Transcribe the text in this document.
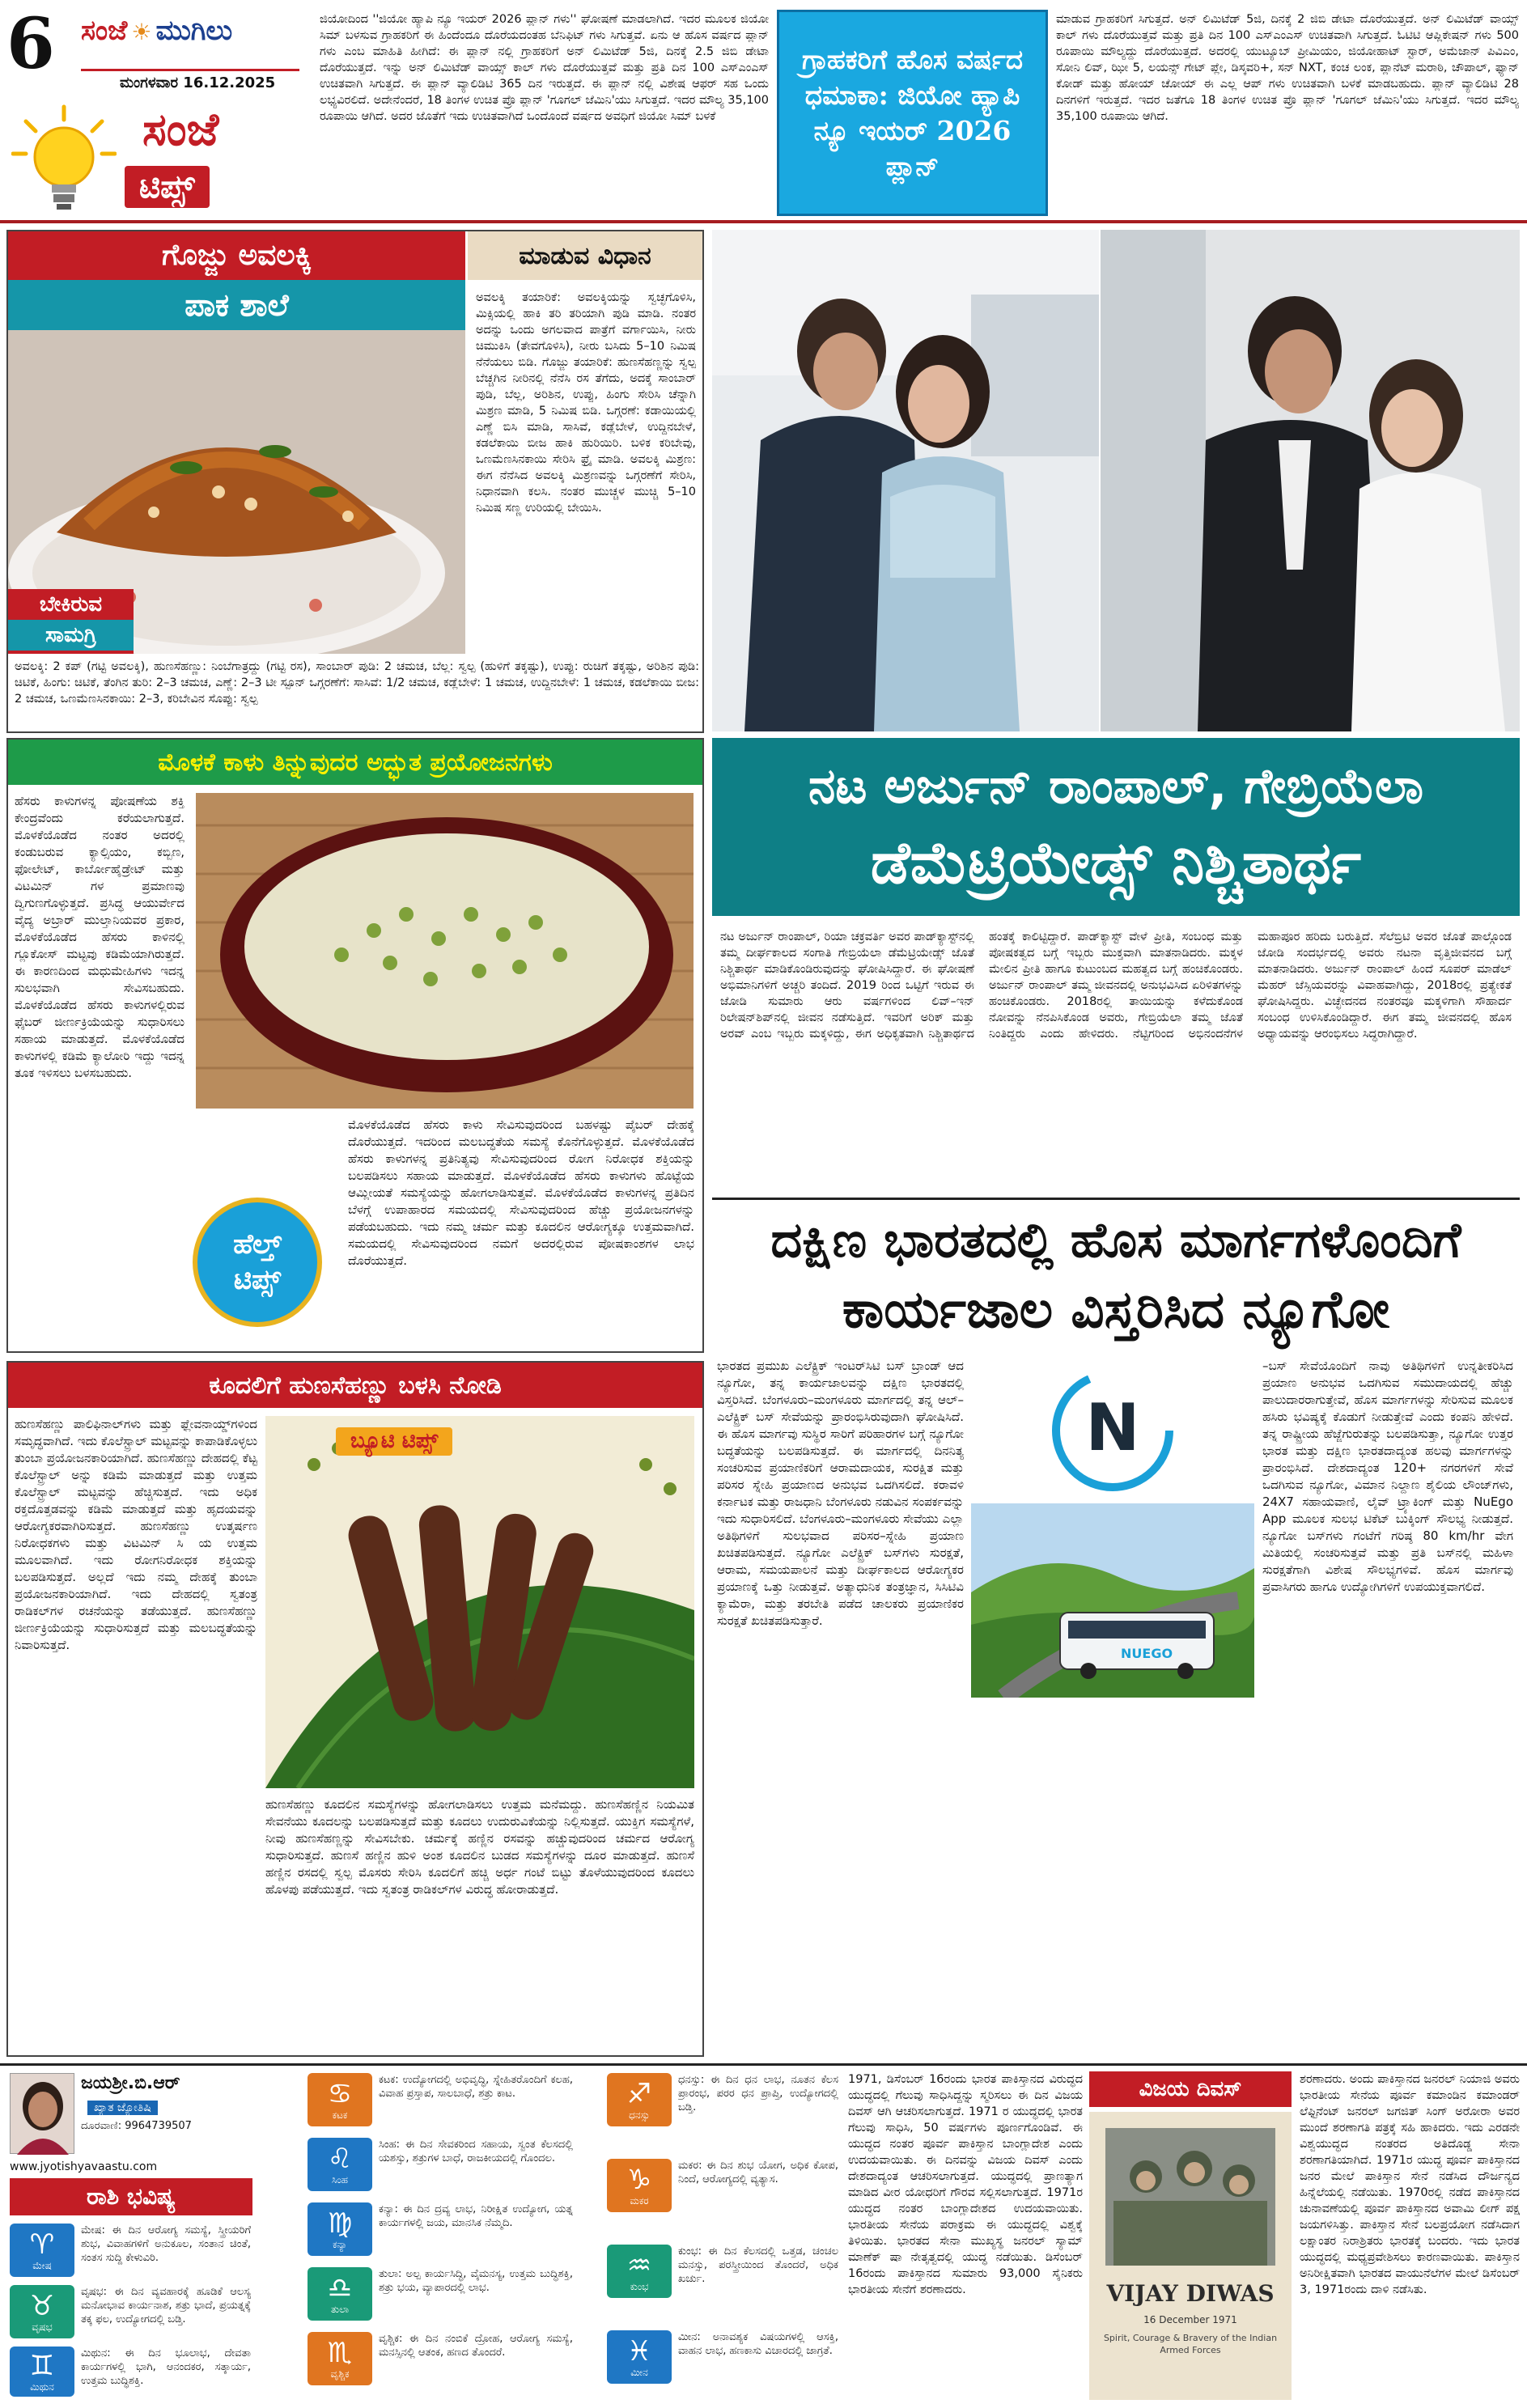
6 ಸಂಜೆ ☀ ಮುಗಿಲು
ಮಂಗಳವಾರ 16.12.2025
ಸಂಜೆ
ಟಿಪ್ಸ್
ಜಿಯೋದಿಂದ ''ಜಿಯೋ ಹ್ಯಾಪಿ ನ್ಯೂ ಇಯರ್ 2026 ಪ್ಲಾನ್ ಗಳು'' ಘೋಷಣೆ ಮಾಡಲಾಗಿದೆ. ಇದರ ಮೂಲಕ ಜಿಯೋ ಸಿಮ್ ಬಳಸುವ ಗ್ರಾಹಕರಿಗೆ ಈ ಹಿಂದೆಂದೂ ದೊರೆಯದಂತಹ ಬೆನಿಫಿಟ್ ಗಳು ಸಿಗುತ್ತವೆ. ಏನು ಆ ಹೊಸ ವರ್ಷದ ಪ್ಲಾನ್ ಗಳು ಎಂಬ ಮಾಹಿತಿ ಹೀಗಿದೆ: ಈ ಪ್ಲಾನ್ ನಲ್ಲಿ ಗ್ರಾಹಕರಿಗೆ ಅನ್ ಲಿಮಿಟೆಡ್ 5ಜಿ, ದಿನಕ್ಕೆ 2.5 ಜಿಬಿ ಡೇಟಾ ದೊರೆಯುತ್ತದೆ. ಇನ್ನು ಅನ್ ಲಿಮಿಟೆಡ್ ವಾಯ್ಸ್ ಕಾಲ್ ಗಳು ದೊರೆಯುತ್ತವೆ ಮತ್ತು ಪ್ರತಿ ದಿನ 100 ಎಸ್ಎಂಎಸ್ ಉಚಿತವಾಗಿ ಸಿಗುತ್ತದೆ. ಈ ಪ್ಲಾನ್ ವ್ಯಾಲಿಡಿಟಿ 365 ದಿನ ಇರುತ್ತದೆ. ಈ ಪ್ಲಾನ್ ನಲ್ಲಿ ವಿಶೇಷ ಆಫರ್ ಸಹ ಒಂದು ಲಭ್ಯವಿರಲಿದೆ. ಅದೇನೆಂದರೆ, 18 ತಿಂಗಳ ಉಚಿತ ಪ್ರೊ ಪ್ಲಾನ್ 'ಗೂಗಲ್ ಜೆಮಿನಿ'ಯು ಸಿಗುತ್ತದೆ. ಇದರ ಮೌಲ್ಯ 35,100 ರೂಪಾಯಿ ಆಗಿದೆ. ಅದರ ಜೊತೆಗೆ ಇದು ಉಚಿತವಾಗಿದೆ ಒಂದೊಂದೆ ವರ್ಷದ ಅವಧಿಗೆ ಜಿಯೋ ಸಿಮ್ ಬಳಕೆ
ಗ್ರಾಹಕರಿಗೆ ಹೊಸ ವರ್ಷದ ಧಮಾಕಾ: ಜಿಯೋ ಹ್ಯಾಪಿ ನ್ಯೂ ಇಯರ್ 2026 ಪ್ಲಾನ್
ಮಾಡುವ ಗ್ರಾಹಕರಿಗೆ ಸಿಗುತ್ತದೆ. ಅನ್ ಲಿಮಿಟೆಡ್ 5ಜಿ, ದಿನಕ್ಕೆ 2 ಜಿಬಿ ಡೇಟಾ ದೊರೆಯುತ್ತದೆ. ಅನ್ ಲಿಮಿಟೆಡ್ ವಾಯ್ಸ್ ಕಾಲ್ ಗಳು ದೊರೆಯುತ್ತವೆ ಮತ್ತು ಪ್ರತಿ ದಿನ 100 ಎಸ್ಎಂಎಸ್ ಉಚಿತವಾಗಿ ಸಿಗುತ್ತದೆ. ಓಟಿಟಿ ಆಪ್ಲಿಕೇಷನ್ ಗಳು 500 ರೂಪಾಯಿ ಮೌಲ್ಯದ್ದು ದೊರೆಯುತ್ತದೆ. ಅದರಲ್ಲಿ ಯುಟ್ಯೂಬ್ ಪ್ರೀಮಿಯಂ, ಜಿಯೋಹಾಟ್ ಸ್ಟಾರ್, ಅಮೆಜಾನ್ ಪಿವಿಎಂ, ಸೋನಿ ಲಿವ್, ಝೀ 5, ಲಯನ್ಸ್ ಗೇಟ್ ಪ್ಲೇ, ಡಿಸ್ಕವರಿ+, ಸನ್ NXT, ಕಂಚ ಲಂಕ, ಪ್ಲಾನೆಟ್ ಮರಾಠಿ, ಚೌಪಾಲ್, ಫ್ಯಾನ್ ಕೋಡ್ ಮತ್ತು ಹೋಯ್ ಚೋಯ್ ಈ ಎಲ್ಲ ಆಪ್ ಗಳು ಉಚಿತವಾಗಿ ಬಳಕೆ ಮಾಡಬಹುದು. ಪ್ಲಾನ್ ವ್ಯಾಲಿಡಿಟಿ 28 ದಿನಗಳಿಗೆ ಇರುತ್ತದೆ. ಇದರ ಜತೆಗೂ 18 ತಿಂಗಳ ಉಚಿತ ಪ್ರೊ ಪ್ಲಾನ್ 'ಗೂಗಲ್ ಜೆಮಿನಿ'ಯು ಸಿಗುತ್ತದೆ. ಇದರ ಮೌಲ್ಯ 35,100 ರೂಪಾಯಿ ಆಗಿದೆ.
ಗೊಜ್ಜು ಅವಲಕ್ಕಿ	ಮಾಡುವ ವಿಧಾನ
ಪಾಕ ಶಾಲೆ
ಬೇಕಿರುವ
ಸಾಮಗ್ರಿ
ಅವಲಕ್ಕಿ ತಯಾರಿಕೆ: ಅವಲಕ್ಕಿಯನ್ನು ಸ್ವಚ್ಛಗೊಳಿಸಿ, ಮಿಕ್ಸಿಯಲ್ಲಿ ಹಾಕಿ ತರಿ ತರಿಯಾಗಿ ಪುಡಿ ಮಾಡಿ. ನಂತರ ಅದನ್ನು ಒಂದು ಅಗಲವಾದ ಪಾತ್ರೆಗೆ ವರ್ಗಾಯಿಸಿ, ನೀರು ಚಿಮುಕಿಸಿ (ತೇವಗೊಳಿಸಿ), ನೀರು ಬಸಿದು 5–10 ನಿಮಿಷ ನೆನೆಯಲು ಬಿಡಿ. ಗೊಜ್ಜು ತಯಾರಿಕೆ: ಹುಣಸೆಹಣ್ಣನ್ನು ಸ್ವಲ್ಪ ಬೆಚ್ಚಗಿನ ನೀರಿನಲ್ಲಿ ನೆನೆಸಿ ರಸ ತೆಗೆದು, ಅದಕ್ಕೆ ಸಾಂಬಾರ್ ಪುಡಿ, ಬೆಲ್ಲ, ಅರಿಶಿನ, ಉಪ್ಪು, ಹಿಂಗು ಸೇರಿಸಿ ಚೆನ್ನಾಗಿ ಮಿಶ್ರಣ ಮಾಡಿ, 5 ನಿಮಿಷ ಬಿಡಿ. ಒಗ್ಗರಣೆ: ಕಡಾಯಿಯಲ್ಲಿ ಎಣ್ಣೆ ಬಿಸಿ ಮಾಡಿ, ಸಾಸಿವೆ, ಕಡ್ಲೆಬೇಳೆ, ಉದ್ದಿನಬೇಳೆ, ಕಡಲೆಕಾಯಿ ಬೀಜ ಹಾಕಿ ಹುರಿಯಿರಿ. ಬಳಿಕ ಕರಿಬೇವು, ಒಣಮೆಣಸಿನಕಾಯಿ ಸೇರಿಸಿ ಫ್ರೈ ಮಾಡಿ. ಅವಲಕ್ಕಿ ಮಿಶ್ರಣ: ಈಗ ನೆನೆಸಿದ ಅವಲಕ್ಕಿ ಮಿಶ್ರಣವನ್ನು ಒಗ್ಗರಣೆಗೆ ಸೇರಿಸಿ, ನಿಧಾನವಾಗಿ ಕಲಸಿ. ನಂತರ ಮುಚ್ಚಳ ಮುಚ್ಚಿ 5–10 ನಿಮಿಷ ಸಣ್ಣ ಉರಿಯಲ್ಲಿ ಬೇಯಿಸಿ.
ಅವಲಕ್ಕಿ: 2 ಕಪ್ (ಗಟ್ಟಿ ಅವಲಕ್ಕಿ), ಹುಣಸೆಹಣ್ಣು: ನಿಂಬೆಗಾತ್ರದ್ದು (ಗಟ್ಟಿ ರಸ), ಸಾಂಬಾರ್ ಪುಡಿ: 2 ಚಮಚ, ಬೆಲ್ಲ: ಸ್ವಲ್ಪ (ಹುಳಿಗೆ ತಕ್ಕಷ್ಟು), ಉಪ್ಪು: ರುಚಿಗೆ ತಕ್ಕಷ್ಟು, ಅರಿಶಿನ ಪುಡಿ: ಚಿಟಿಕೆ, ಹಿಂಗು: ಚಿಟಿಕೆ, ತೆಂಗಿನ ತುರಿ: 2–3 ಚಮಚ, ಎಣ್ಣೆ: 2–3 ಟೀ ಸ್ಪೂನ್ ಒಗ್ಗರಣೆಗೆ: ಸಾಸಿವೆ: 1/2 ಚಮಚ, ಕಡ್ಲೆಬೇಳೆ: 1 ಚಮಚ, ಉದ್ದಿನಬೇಳೆ: 1 ಚಮಚ, ಕಡಲೆಕಾಯಿ ಬೀಜ: 2 ಚಮಚ, ಒಣಮೆಣಸಿನಕಾಯಿ: 2–3, ಕರಿಬೇವಿನ ಸೊಪ್ಪು: ಸ್ವಲ್ಪ
ಮೊಳಕೆ ಕಾಳು ತಿನ್ನುವುದರ ಅದ್ಭುತ ಪ್ರಯೋಜನಗಳು
ಹೆಸರು ಕಾಳುಗಳನ್ನ ಪೋಷಣೆಯ ಶಕ್ತಿ ಕೇಂದ್ರವೆಂದು ಕರೆಯಲಾಗುತ್ತದೆ. ಮೊಳಕೆಯೊಡೆದ ನಂತರ ಅದರಲ್ಲಿ ಕಂಡುಬರುವ ಕ್ಯಾಲ್ಸಿಯಂ, ಕಬ್ಬಿಣ, ಫೋಲೇಟ್, ಕಾರ್ಬೋಹೈಡ್ರೇಟ್ ಮತ್ತು ವಿಟಮಿನ್ ಗಳ ಪ್ರಮಾಣವು ದ್ವಿಗುಣಗೊಳ್ಳುತ್ತದೆ. ಪ್ರಸಿದ್ಧ ಆಯುರ್ವೇದ ವೈದ್ಯ ಅಬ್ರಾರ್ ಮುಲ್ತಾನಿಯವರ ಪ್ರಕಾರ, ಮೊಳಕೆಯೊಡೆದ ಹೆಸರು ಕಾಳಿನಲ್ಲಿ ಗ್ಲೂಕೋಸ್ ಮಟ್ಟವು ಕಡಿಮೆಯಾಗಿರುತ್ತದೆ. ಈ ಕಾರಣದಿಂದ ಮಧುಮೇಹಿಗಳು ಇದನ್ನ ಸುಲಭವಾಗಿ ಸೇವಿಸಬಹುದು. ಮೊಳಕೆಯೊಡೆದ ಹೆಸರು ಕಾಳುಗಳಲ್ಲಿರುವ ಫೈಬರ್ ಜೀರ್ಣಕ್ರಿಯೆಯನ್ನು ಸುಧಾರಿಸಲು ಸಹಾಯ ಮಾಡುತ್ತದೆ. ಮೊಳಕೆಯೊಡೆದ ಕಾಳುಗಳಲ್ಲಿ ಕಡಿಮೆ ಕ್ಯಾಲೋರಿ ಇದ್ದು ಇದನ್ನ ತೂಕ ಇಳಿಸಲು ಬಳಸಬಹುದು.
ಮೊಳಕೆಯೊಡೆದ ಹೆಸರು ಕಾಳು ಸೇವಿಸುವುದರಿಂದ ಬಹಳಷ್ಟು ಪೈಬರ್ ದೇಹಕ್ಕೆ ದೊರೆಯುತ್ತದೆ. ಇದರಿಂದ ಮಲಬದ್ಧತೆಯ ಸಮಸ್ಯೆ ಕೊನೆಗೊಳ್ಳುತ್ತದೆ. ಮೊಳಕೆಯೊಡೆದ ಹೆಸರು ಕಾಳುಗಳನ್ನ ಪ್ರತಿನಿತ್ಯವು ಸೇವಿಸುವುದರಿಂದ ರೋಗ ನಿರೋಧಕ ಶಕ್ತಿಯನ್ನು ಬಲಪಡಿಸಲು ಸಹಾಯ ಮಾಡುತ್ತದೆ. ಮೊಳಕೆಯೊಡೆದ ಹೆಸರು ಕಾಳುಗಳು ಹೊಟ್ಟೆಯ ಆಮ್ಲೀಯತೆ ಸಮಸ್ಯೆಯನ್ನು ಹೋಗಲಾಡಿಸುತ್ತವೆ. ಮೊಳಕೆಯೊಡೆದ ಕಾಳುಗಳನ್ನ ಪ್ರತಿದಿನ ಬೆಳಗ್ಗೆ ಉಪಾಹಾರದ ಸಮಯದಲ್ಲಿ ಸೇವಿಸುವುದರಿಂದ ಹೆಚ್ಚು ಪ್ರಯೋಜನಗಳನ್ನು ಪಡೆಯಬಹುದು. ಇದು ನಮ್ಮ ಚರ್ಮ ಮತ್ತು ಕೂದಲಿನ ಆರೋಗ್ಯಕ್ಕೂ ಉತ್ತಮವಾಗಿದೆ. ಸಮಯದಲ್ಲಿ ಸೇವಿಸುವುದರಿಂದ ನಮಗೆ ಅದರಲ್ಲಿರುವ ಪೋಷಕಾಂಶಗಳ ಲಾಭ ದೊರೆಯುತ್ತದೆ.
ಹೆಲ್ತ್
ಟಿಪ್ಸ್
ನಟ ಅರ್ಜುನ್ ರಾಂಪಾಲ್, ಗೇಬ್ರಿಯೆಲಾ
ಡೆಮೆಟ್ರಿಯೇಡ್ಸ್ ನಿಶ್ಚಿತಾರ್ಥ
ನಟ ಅರ್ಜುನ್ ರಾಂಪಾಲ್, ರಿಯಾ ಚಕ್ರವರ್ತಿ ಅವರ ಪಾಡ್‌ಕ್ಯಾಸ್ಟ್‌ನಲ್ಲಿ ತಮ್ಮ ದೀರ್ಘಕಾಲದ ಸಂಗಾತಿ ಗೇಬ್ರಿಯೆಲಾ ಡೆಮೆಟ್ರಿಯೇಡ್ಸ್ ಜೊತೆ ನಿಶ್ಚಿತಾರ್ಥ ಮಾಡಿಕೊಂಡಿರುವುದನ್ನು ಘೋಷಿಸಿದ್ದಾರೆ. ಈ ಘೋಷಣೆ ಅಭಿಮಾನಿಗಳಿಗೆ ಅಚ್ಚರಿ ತಂದಿದೆ. 2019 ರಿಂದ ಒಟ್ಟಿಗೆ ಇರುವ ಈ ಜೋಡಿ ಸುಮಾರು ಆರು ವರ್ಷಗಳಿಂದ ಲಿವ್–ಇನ್ ರಿಲೇಷನ್‌ಶಿಪ್‌ನಲ್ಲಿ ಜೀವನ ನಡೆಸುತ್ತಿದೆ. ಇವರಿಗೆ ಅರಿಕ್ ಮತ್ತು ಅರವ್ ಎಂಬ ಇಬ್ಬರು ಮಕ್ಕಳಿದ್ದು, ಈಗ ಅಧಿಕೃತವಾಗಿ ನಿಶ್ಚಿತಾರ್ಥದ ಹಂತಕ್ಕೆ ಕಾಲಿಟ್ಟಿದ್ದಾರೆ. ಪಾಡ್‌ಕ್ಯಾಸ್ಟ್ ವೇಳೆ ಪ್ರೀತಿ, ಸಂಬಂಧ ಮತ್ತು ಪೋಷಕತ್ವದ ಬಗ್ಗೆ ಇಬ್ಬರು ಮುಕ್ತವಾಗಿ ಮಾತನಾಡಿದರು. ಮಕ್ಕಳ ಮೇಲಿನ ಪ್ರೀತಿ ಹಾಗೂ ಕುಟುಂಬದ ಮಹತ್ವದ ಬಗ್ಗೆ ಹಂಚಿಕೊಂಡರು. ಅರ್ಜುನ್ ರಾಂಪಾಲ್ ತಮ್ಮ ಜೀವನದಲ್ಲಿ ಅನುಭವಿಸಿದ ಏರಿಳಿತಗಳನ್ನು ಹಂಚಿಕೊಂಡರು. 2018ರಲ್ಲಿ ತಾಯಿಯನ್ನು ಕಳೆದುಕೊಂಡ ನೋವನ್ನು ನೆನಪಿಸಿಕೊಂಡ ಅವರು, ಗೇಬ್ರಿಯೆಲಾ ತಮ್ಮ ಜೊತೆ ನಿಂತಿದ್ದರು ಎಂದು ಹೇಳಿದರು. ನೆಟ್ಟಿಗರಿಂದ ಅಭಿನಂದನೆಗಳ ಮಹಾಪೂರ ಹರಿದು ಬರುತ್ತಿದೆ. ಸೆಲೆಬ್ರಿಟಿ ಅವರ ಜೊತೆ ಪಾಲ್ಗೊಂಡ ಜೋಡಿ ಸಂದರ್ಭದಲ್ಲಿ ಅವರು ನಟನಾ ವೃತ್ತಿಜೀವನದ ಬಗ್ಗೆ ಮಾತನಾಡಿದರು. ಅರ್ಜುನ್ ರಾಂಪಾಲ್ ಹಿಂದೆ ಸೂಪರ್ ಮಾಡೆಲ್ ಮೆಹರ್ ಜೆಸ್ಸಿಯವರನ್ನು ವಿವಾಹವಾಗಿದ್ದು, 2018ರಲ್ಲಿ ಪ್ರತ್ಯೇಕತೆ ಘೋಷಿಸಿದ್ದರು. ವಿಚ್ಛೇದನದ ನಂತರವೂ ಮಕ್ಕಳಿಗಾಗಿ ಸೌಹಾರ್ದ ಸಂಬಂಧ ಉಳಿಸಿಕೊಂಡಿದ್ದಾರೆ. ಈಗ ತಮ್ಮ ಜೀವನದಲ್ಲಿ ಹೊಸ ಅಧ್ಯಾಯವನ್ನು ಆರಂಭಿಸಲು ಸಿದ್ಧರಾಗಿದ್ದಾರೆ.
ದಕ್ಷಿಣ ಭಾರತದಲ್ಲಿ ಹೊಸ ಮಾರ್ಗಗಳೊಂದಿಗೆ
ಕಾರ್ಯಜಾಲ ವಿಸ್ತರಿಸಿದ ನ್ಯೂಗೋ
ಭಾರತದ ಪ್ರಮುಖ ಎಲೆಕ್ಟ್ರಿಕ್ ಇಂಟರ್‌ಸಿಟಿ ಬಸ್ ಬ್ರಾಂಡ್ ಆದ ನ್ಯೂಗೋ, ತನ್ನ ಕಾರ್ಯಜಾಲವನ್ನು ದಕ್ಷಿಣ ಭಾರತದಲ್ಲಿ ವಿಸ್ತರಿಸಿದೆ. ಬೆಂಗಳೂರು–ಮಂಗಳೂರು ಮಾರ್ಗದಲ್ಲಿ ತನ್ನ ಆಲ್–ಎಲೆಕ್ಟ್ರಿಕ್ ಬಸ್ ಸೇವೆಯನ್ನು ಪ್ರಾರಂಭಿಸಿರುವುದಾಗಿ ಘೋಷಿಸಿದೆ. ಈ ಹೊಸ ಮಾರ್ಗವು ಸುಸ್ಥಿರ ಸಾರಿಗೆ ಪರಿಹಾರಗಳ ಬಗ್ಗೆ ನ್ಯೂಗೋ ಬದ್ಧತೆಯನ್ನು ಬಲಪಡಿಸುತ್ತದೆ. ಈ ಮಾರ್ಗದಲ್ಲಿ ದಿನನಿತ್ಯ ಸಂಚರಿಸುವ ಪ್ರಯಾಣಿಕರಿಗೆ ಆರಾಮದಾಯಕ, ಸುರಕ್ಷಿತ ಮತ್ತು ಪರಿಸರ ಸ್ನೇಹಿ ಪ್ರಯಾಣದ ಅನುಭವ ಒದಗಿಸಲಿದೆ. ಕರಾವಳಿ ಕರ್ನಾಟಕ ಮತ್ತು ರಾಜಧಾನಿ ಬೆಂಗಳೂರು ನಡುವಿನ ಸಂಪರ್ಕವನ್ನು ಇದು ಸುಧಾರಿಸಲಿದೆ. ಬೆಂಗಳೂರು–ಮಂಗಳೂರು ಸೇವೆಯು ಎಲ್ಲಾ ಅತಿಥಿಗಳಿಗೆ ಸುಲಭವಾದ ಪರಿಸರ–ಸ್ನೇಹಿ ಪ್ರಯಾಣ ಖಚಿತಪಡಿಸುತ್ತದೆ. ನ್ಯೂಗೋ ಎಲೆಕ್ಟ್ರಿಕ್ ಬಸ್‌ಗಳು ಸುರಕ್ಷತೆ, ಆರಾಮ, ಸಮಯಪಾಲನೆ ಮತ್ತು ದೀರ್ಘಕಾಲದ ಆರೋಗ್ಯಕರ ಪ್ರಯಾಣಕ್ಕೆ ಒತ್ತು ನೀಡುತ್ತವೆ. ಅತ್ಯಾಧುನಿಕ ತಂತ್ರಜ್ಞಾನ, ಸಿಸಿಟಿವಿ ಕ್ಯಾಮೆರಾ, ಮತ್ತು ತರಬೇತಿ ಪಡೆದ ಚಾಲಕರು ಪ್ರಯಾಣಿಕರ ಸುರಕ್ಷತೆ ಖಚಿತಪಡಿಸುತ್ತಾರೆ.
N
NUEGO
–ಬಸ್ ಸೇವೆಯೊಂದಿಗೆ ನಾವು ಅತಿಥಿಗಳಿಗೆ ಉನ್ನತೀಕರಿಸಿದ ಪ್ರಯಾಣ ಅನುಭವ ಒದಗಿಸುವ ಸಮುದಾಯದಲ್ಲಿ ಹೆಚ್ಚು ಪಾಲುದಾರರಾಗುತ್ತೇವೆ, ಹೊಸ ಮಾರ್ಗಗಳನ್ನು ಸೇರಿಸುವ ಮೂಲಕ ಹಸಿರು ಭವಿಷ್ಯಕ್ಕೆ ಕೊಡುಗೆ ನೀಡುತ್ತೇವೆ ಎಂದು ಕಂಪನಿ ಹೇಳಿದೆ. ತನ್ನ ರಾಷ್ಟ್ರೀಯ ಹೆಜ್ಜೆಗುರುತನ್ನು ಬಲಪಡಿಸುತ್ತಾ, ನ್ಯೂಗೋ ಉತ್ತರ ಭಾರತ ಮತ್ತು ದಕ್ಷಿಣ ಭಾರತದಾದ್ಯಂತ ಹಲವು ಮಾರ್ಗಗಳನ್ನು ಪ್ರಾರಂಭಿಸಿದೆ. ದೇಶದಾದ್ಯಂತ 120+ ನಗರಗಳಿಗೆ ಸೇವೆ ಒದಗಿಸುವ ನ್ಯೂಗೋ, ವಿಮಾನ ನಿಲ್ದಾಣ ಶೈಲಿಯ ಲೌಂಜ್‌ಗಳು, 24X7 ಸಹಾಯವಾಣಿ, ಲೈವ್ ಟ್ರ್ಯಾಕಿಂಗ್ ಮತ್ತು NuEgo App ಮೂಲಕ ಸುಲಭ ಟಿಕೆಟ್ ಬುಕ್ಕಿಂಗ್ ಸೌಲಭ್ಯ ನೀಡುತ್ತದೆ. ನ್ಯೂಗೋ ಬಸ್‌ಗಳು ಗಂಟೆಗೆ ಗರಿಷ್ಠ 80 km/hr ವೇಗ ಮಿತಿಯಲ್ಲಿ ಸಂಚರಿಸುತ್ತವೆ ಮತ್ತು ಪ್ರತಿ ಬಸ್‌ನಲ್ಲಿ ಮಹಿಳಾ ಸುರಕ್ಷತೆಗಾಗಿ ವಿಶೇಷ ಸೌಲಭ್ಯಗಳಿವೆ. ಹೊಸ ಮಾರ್ಗವು ಪ್ರವಾಸಿಗರು ಹಾಗೂ ಉದ್ಯೋಗಿಗಳಿಗೆ ಉಪಯುಕ್ತವಾಗಲಿದೆ.
ಕೂದಲಿಗೆ ಹುಣಸೆಹಣ್ಣು ಬಳಸಿ ನೋಡಿ
ಹುಣಸೆಹಣ್ಣು ಪಾಲಿಫಿನಾಲ್‌ಗಳು ಮತ್ತು ಫ್ಲೇವನಾಯ್ಡ್‌ಗಳಿಂದ ಸಮೃದ್ಧವಾಗಿದೆ. ಇದು ಕೊಲೆಸ್ಟ್ರಾಲ್ ಮಟ್ಟವನ್ನು ಕಾಪಾಡಿಕೊಳ್ಳಲು ತುಂಬಾ ಪ್ರಯೋಜನಕಾರಿಯಾಗಿದೆ. ಹುಣಸೆಹಣ್ಣು ದೇಹದಲ್ಲಿ ಕೆಟ್ಟ ಕೊಲೆಸ್ಟ್ರಾಲ್ ಅನ್ನು ಕಡಿಮೆ ಮಾಡುತ್ತದೆ ಮತ್ತು ಉತ್ತಮ ಕೊಲೆಸ್ಟ್ರಾಲ್ ಮಟ್ಟವನ್ನು ಹೆಚ್ಚಿಸುತ್ತದೆ. ಇದು ಅಧಿಕ ರಕ್ತದೊತ್ತಡವನ್ನು ಕಡಿಮೆ ಮಾಡುತ್ತದೆ ಮತ್ತು ಹೃದಯವನ್ನು ಆರೋಗ್ಯಕರವಾಗಿರಿಸುತ್ತದೆ. ಹುಣಸೆಹಣ್ಣು ಉತ್ಕರ್ಷಣ ನಿರೋಧಕಗಳು ಮತ್ತು ವಿಟಮಿನ್ ಸಿ ಯ ಉತ್ತಮ ಮೂಲವಾಗಿದೆ. ಇದು ರೋಗನಿರೋಧಕ ಶಕ್ತಿಯನ್ನು ಬಲಪಡಿಸುತ್ತದೆ. ಅಲ್ಲದೆ ಇದು ನಮ್ಮ ದೇಹಕ್ಕೆ ತುಂಬಾ ಪ್ರಯೋಜನಕಾರಿಯಾಗಿದೆ. ಇದು ದೇಹದಲ್ಲಿ ಸ್ವತಂತ್ರ ರಾಡಿಕಲ್‌ಗಳ ರಚನೆಯನ್ನು ತಡೆಯುತ್ತದೆ. ಹುಣಸೆಹಣ್ಣು ಜೀರ್ಣಕ್ರಿಯೆಯನ್ನು ಸುಧಾರಿಸುತ್ತದೆ ಮತ್ತು ಮಲಬದ್ಧತೆಯನ್ನು ನಿವಾರಿಸುತ್ತದೆ.
ಬ್ಯೂಟಿ ಟಿಪ್ಸ್
ಹುಣಸೆಹಣ್ಣು ಕೂದಲಿನ ಸಮಸ್ಯೆಗಳನ್ನು ಹೋಗಲಾಡಿಸಲು ಉತ್ತಮ ಮನೆಮದ್ದು. ಹುಣಸೆಹಣ್ಣಿನ ನಿಯಮಿತ ಸೇವನೆಯು ಕೂದಲನ್ನು ಬಲಪಡಿಸುತ್ತದೆ ಮತ್ತು ಕೂದಲು ಉದುರುವಿಕೆಯನ್ನು ನಿಲ್ಲಿಸುತ್ತದೆ. ಯುಕ್ತಿಗ ಸಮಸ್ಯೆಗಳೆ, ನೀವು ಹುಣಸೆಹಣ್ಣನ್ನು ಸೇವಿಸಬೇಕು. ಚರ್ಮಕ್ಕೆ ಹಣ್ಣಿನ ರಸವನ್ನು ಹಚ್ಚುವುದರಿಂದ ಚರ್ಮದ ಆರೋಗ್ಯ ಸುಧಾರಿಸುತ್ತದೆ. ಹುಣಸೆ ಹಣ್ಣಿನ ಹುಳಿ ಅಂಶ ಕೂದಲಿನ ಬುಡದ ಸಮಸ್ಯೆಗಳನ್ನು ದೂರ ಮಾಡುತ್ತದೆ. ಹುಣಸೆ ಹಣ್ಣಿನ ರಸದಲ್ಲಿ ಸ್ವಲ್ಪ ಮೊಸರು ಸೇರಿಸಿ ಕೂದಲಿಗೆ ಹಚ್ಚಿ ಅರ್ಧ ಗಂಟೆ ಬಿಟ್ಟು ತೊಳೆಯುವುದರಿಂದ ಕೂದಲು ಹೊಳಪು ಪಡೆಯುತ್ತದೆ. ಇದು ಸ್ವತಂತ್ರ ರಾಡಿಕಲ್‌ಗಳ ವಿರುದ್ಧ ಹೋರಾಡುತ್ತದೆ.
ಜಯಶ್ರೀ.ಬಿ.ಆರ್
ಖ್ಯಾತ ಜ್ಯೋತಿಷಿ
ದೂರವಾಣಿ: 9964739507
www.jyotishyavaastu.com
ರಾಶಿ ಭವಿಷ್ಯ
♈
ಮೇಷ
ಮೇಷ: ಈ ದಿನ ಆರೋಗ್ಯ ಸಮಸ್ಯೆ, ಸ್ತ್ರೀಯರಿಗೆ ಶುಭ, ವಿವಾಹಗಳಿಗೆ ಅನುಕೂಲ, ಸಂತಾನ ಚಿಂತೆ, ಸಂತಸ ಸುದ್ದಿ ಕೇಳುವಿರಿ.
♉
ವೃಷಭ
ವೃಷಭ: ಈ ದಿನ ವ್ಯವಹಾರಕ್ಕೆ ಹೂಡಿಕೆ ಆಲಸ್ಯ ಮನೋಭಾವ ಕಾರ್ಯನಾಶ, ಶತ್ರು ಭಾದೆ, ಪ್ರಯತ್ನಕ್ಕೆ ತಕ್ಕ ಫಲ, ಉದ್ಯೋಗದಲ್ಲಿ ಬಡ್ತಿ.
♊
ಮಿಥುನ
ಮಿಥುನ: ಈ ದಿನ ಭೂಲಾಭ, ದೇವತಾ ಕಾರ್ಯಗಳಲ್ಲಿ ಭಾಗಿ, ಆನಂದಕರ, ಸತ್ಕಾರ್ಯ, ಉತ್ತಮ ಬುದ್ಧಿಶಕ್ತಿ.
♋
ಕಟಕ
ಕಟಕ: ಉದ್ಯೋಗದಲ್ಲಿ ಅಭಿವೃದ್ಧಿ, ಸ್ನೇಹಿತರೊಂದಿಗೆ ಕಲಹ, ವಿವಾಹ ಪ್ರಸ್ತಾಪ, ಸಾಲಬಾಧೆ, ಶತ್ರು ಕಾಟ.
♌
ಸಿಂಹ
ಸಿಂಹ: ಈ ದಿನ ಸೇವಕರಿಂದ ಸಹಾಯ, ಸ್ವಂತ ಕೆಲಸದಲ್ಲಿ ಯಶಸ್ಸು, ಶತ್ರುಗಳ ಬಾಧೆ, ರಾಜಕೀಯದಲ್ಲಿ ಗೊಂದಲ.
♍
ಕನ್ಯಾ
ಕನ್ಯಾ: ಈ ದಿನ ದ್ರವ್ಯ ಲಾಭ, ನಿರೀಕ್ಷಿತ ಉದ್ಯೋಗ, ಯತ್ನ ಕಾರ್ಯಗಳಲ್ಲಿ ಜಯ, ಮಾನಸಿಕ ನೆಮ್ಮದಿ.
♎
ತುಲಾ
ತುಲಾ: ಅಲ್ಪ ಕಾರ್ಯಸಿದ್ಧಿ, ವೈಮನಸ್ಯ, ಉತ್ತಮ ಬುದ್ಧಿಶಕ್ತಿ, ಶತ್ರು ಭಯ, ವ್ಯಾಪಾರದಲ್ಲಿ ಲಾಭ.
♏
ವೃಶ್ಚಿಕ
ವೃಶ್ಚಿಕ: ಈ ದಿನ ನಂಬಿಕೆ ದ್ರೋಹ, ಆರೋಗ್ಯ ಸಮಸ್ಯೆ, ಮನಸ್ಸಿನಲ್ಲಿ ಆತಂಕ, ಹಣದ ತೊಂದರೆ.
♐
ಧನಸ್ಸು
ಧನಸ್ಸು: ಈ ದಿನ ಧನ ಲಾಭ, ನೂತನ ಕೆಲಸ ಪ್ರಾರಂಭ, ಪರರ ಧನ ಪ್ರಾಪ್ತಿ, ಉದ್ಯೋಗದಲ್ಲಿ ಬಡ್ತಿ.
♑
ಮಕರ
ಮಕರ: ಈ ದಿನ ಶುಭ ಯೋಗ, ಅಧಿಕ ಕೋಪ, ನಿಂದೆ, ಆರೋಗ್ಯದಲ್ಲಿ ವ್ಯತ್ಯಾಸ.
♒
ಕುಂಭ
ಕುಂಭ: ಈ ದಿನ ಕೆಲಸದಲ್ಲಿ ಒತ್ತಡ, ಚಂಚಲ ಮನಸ್ಸು, ಪರಸ್ತ್ರೀಯಿಂದ ತೊಂದರೆ, ಅಧಿಕ ಖರ್ಚು.
♓
ಮೀನ
ಮೀನ: ಅನಾವಶ್ಯಕ ವಿಷಯಗಳಲ್ಲಿ ಆಸಕ್ತಿ, ವಾಹನ ಲಾಭ, ಹಣಕಾಸು ವಿಚಾರದಲ್ಲಿ ಜಾಗ್ರತೆ.
1971, ಡಿಸೆಂಬರ್ 16ರಂದು ಭಾರತ ಪಾಕಿಸ್ತಾನದ ವಿರುದ್ಧದ ಯುದ್ಧದಲ್ಲಿ ಗೆಲುವು ಸಾಧಿಸಿದ್ದನ್ನು ಸ್ಮರಿಸಲು ಈ ದಿನ ವಿಜಯ ದಿವಸ್ ಆಗಿ ಆಚರಿಸಲಾಗುತ್ತದೆ. 1971 ರ ಯುದ್ಧದಲ್ಲಿ ಭಾರತ ಗೆಲುವು ಸಾಧಿಸಿ, 50 ವರ್ಷಗಳು ಪೂರ್ಣಗೊಂಡಿವೆ. ಈ ಯುದ್ಧದ ನಂತರ ಪೂರ್ವ ಪಾಕಿಸ್ತಾನ ಬಾಂಗ್ಲಾದೇಶ ಎಂದು ಉದಯವಾಯಿತು. ಈ ದಿನವನ್ನು ವಿಜಯ ದಿವಸ್ ಎಂದು ದೇಶದಾದ್ಯಂತ ಆಚರಿಸಲಾಗುತ್ತದೆ. ಯುದ್ಧದಲ್ಲಿ ಪ್ರಾಣತ್ಯಾಗ ಮಾಡಿದ ವೀರ ಯೋಧರಿಗೆ ಗೌರವ ಸಲ್ಲಿಸಲಾಗುತ್ತದೆ. 1971ರ ಯುದ್ಧದ ನಂತರ ಬಾಂಗ್ಲಾದೇಶದ ಉದಯವಾಯಿತು. ಭಾರತೀಯ ಸೇನೆಯ ಪರಾಕ್ರಮ ಈ ಯುದ್ಧದಲ್ಲಿ ವಿಶ್ವಕ್ಕೆ ತಿಳಿಯಿತು. ಭಾರತದ ಸೇನಾ ಮುಖ್ಯಸ್ಥ ಜನರಲ್ ಸ್ಯಾಮ್ ಮಾಣೆಕ್ ಷಾ ನೇತೃತ್ವದಲ್ಲಿ ಯುದ್ಧ ನಡೆಯಿತು. ಡಿಸೆಂಬರ್ 16ರಂದು ಪಾಕಿಸ್ತಾನದ ಸುಮಾರು 93,000 ಸೈನಿಕರು ಭಾರತೀಯ ಸೇನೆಗೆ ಶರಣಾದರು.
ವಿಜಯ ದಿವಸ್
VIJAY DIWAS
16 December 1971
Spirit, Courage & Bravery of the Indian Armed Forces
ಶರಣಾದರು. ಅಂದು ಪಾಕಿಸ್ತಾನದ ಜನರಲ್ ನಿಯಾಜಿ ಅವರು ಭಾರತೀಯ ಸೇನೆಯ ಪೂರ್ವ ಕಮಾಂಡಿನ ಕಮಾಂಡರ್ ಲೆಫ್ಟಿನೆಂಟ್ ಜನರಲ್ ಜಗಜಿತ್ ಸಿಂಗ್ ಅರೋರಾ ಅವರ ಮುಂದೆ ಶರಣಾಗತಿ ಪತ್ರಕ್ಕೆ ಸಹಿ ಹಾಕಿದರು. ಇದು ಎರಡನೇ ವಿಶ್ವಯುದ್ಧದ ನಂತರದ ಅತಿದೊಡ್ಡ ಸೇನಾ ಶರಣಾಗತಿಯಾಗಿದೆ. 1971ರ ಯುದ್ಧ ಪೂರ್ವ ಪಾಕಿಸ್ತಾನದ ಜನರ ಮೇಲೆ ಪಾಕಿಸ್ತಾನ ಸೇನೆ ನಡೆಸಿದ ದೌರ್ಜನ್ಯದ ಹಿನ್ನೆಲೆಯಲ್ಲಿ ನಡೆಯಿತು. 1970ರಲ್ಲಿ ನಡೆದ ಪಾಕಿಸ್ತಾನದ ಚುನಾವಣೆಯಲ್ಲಿ ಪೂರ್ವ ಪಾಕಿಸ್ತಾನದ ಅವಾಮಿ ಲೀಗ್ ಪಕ್ಷ ಜಯಗಳಿಸಿತ್ತು. ಪಾಕಿಸ್ತಾನ ಸೇನೆ ಬಲಪ್ರಯೋಗ ನಡೆಸಿದಾಗ ಲಕ್ಷಾಂತರ ನಿರಾಶ್ರಿತರು ಭಾರತಕ್ಕೆ ಬಂದರು. ಇದು ಭಾರತ ಯುದ್ಧದಲ್ಲಿ ಮಧ್ಯಪ್ರವೇಶಿಸಲು ಕಾರಣವಾಯಿತು. ಪಾಕಿಸ್ತಾನ ಅನಿರೀಕ್ಷಿತವಾಗಿ ಭಾರತದ ವಾಯುನೆಲೆಗಳ ಮೇಲೆ ಡಿಸೆಂಬರ್ 3, 1971ರಂದು ದಾಳಿ ನಡೆಸಿತು.
